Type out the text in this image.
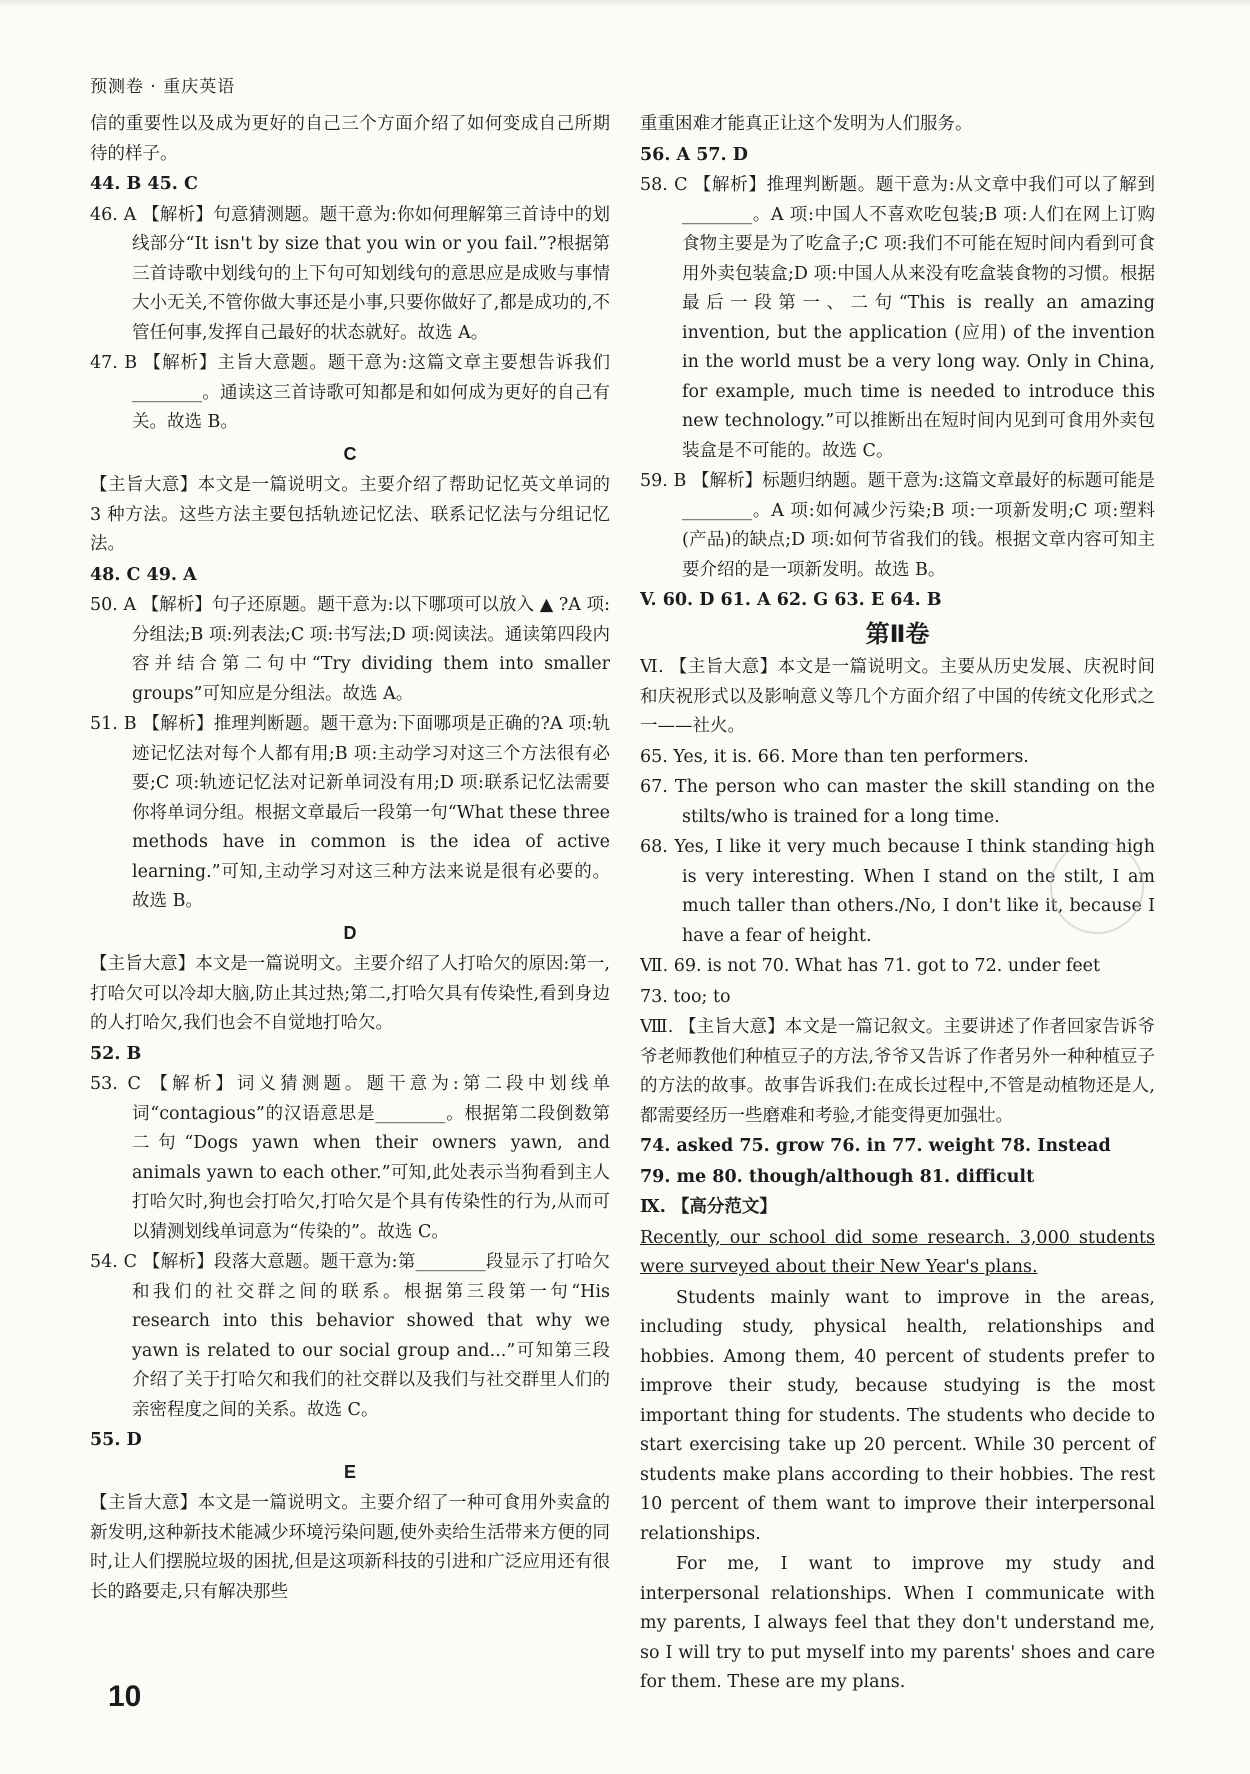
预测卷 · 重庆英语
信的重要性以及成为更好的自己三个方面介绍了如何变成自己所期待的样子。
44. B 45. C
46. A 【解析】句意猜测题。题干意为:你如何理解第三首诗中的划线部分“It isn't by size that you win or you fail.”?根据第三首诗歌中划线句的上下句可知划线句的意思应是成败与事情大小无关,不管你做大事还是小事,只要你做好了,都是成功的,不管任何事,发挥自己最好的状态就好。故选 A。
47. B 【解析】主旨大意题。题干意为:这篇文章主要想告诉我们________。通读这三首诗歌可知都是和如何成为更好的自己有关。故选 B。
C
【主旨大意】本文是一篇说明文。主要介绍了帮助记忆英文单词的 3 种方法。这些方法主要包括轨迹记忆法、联系记忆法与分组记忆法。
48. C 49. A
50. A 【解析】句子还原题。题干意为:以下哪项可以放入 ▲ ?A 项:分组法;B 项:列表法;C 项:书写法;D 项:阅读法。通读第四段内容并结合第二句中“Try dividing them into smaller groups”可知应是分组法。故选 A。
51. B 【解析】推理判断题。题干意为:下面哪项是正确的?A 项:轨迹记忆法对每个人都有用;B 项:主动学习对这三个方法很有必要;C 项:轨迹记忆法对记新单词没有用;D 项:联系记忆法需要你将单词分组。根据文章最后一段第一句“What these three methods have in common is the idea of active learning.”可知,主动学习对这三种方法来说是很有必要的。故选 B。
D
【主旨大意】本文是一篇说明文。主要介绍了人打哈欠的原因:第一,打哈欠可以冷却大脑,防止其过热;第二,打哈欠具有传染性,看到身边的人打哈欠,我们也会不自觉地打哈欠。
52. B
53. C 【解析】词义猜测题。题干意为:第二段中划线单词“contagious”的汉语意思是________。根据第二段倒数第二句“Dogs yawn when their owners yawn, and animals yawn to each other.”可知,此处表示当狗看到主人打哈欠时,狗也会打哈欠,打哈欠是个具有传染性的行为,从而可以猜测划线单词意为“传染的”。故选 C。
54. C 【解析】段落大意题。题干意为:第________段显示了打哈欠和我们的社交群之间的联系。根据第三段第一句“His research into this behavior showed that why we yawn is related to our social group and...”可知第三段介绍了关于打哈欠和我们的社交群以及我们与社交群里人们的亲密程度之间的关系。故选 C。
55. D
E
【主旨大意】本文是一篇说明文。主要介绍了一种可食用外卖盒的新发明,这种新技术能减少环境污染问题,使外卖给生活带来方便的同时,让人们摆脱垃圾的困扰,但是这项新科技的引进和广泛应用还有很长的路要走,只有解决那些
重重困难才能真正让这个发明为人们服务。
56. A 57. D
58. C 【解析】推理判断题。题干意为:从文章中我们可以了解到________。A 项:中国人不喜欢吃包装;B 项:人们在网上订购食物主要是为了吃盒子;C 项:我们不可能在短时间内看到可食用外卖包装盒;D 项:中国人从来没有吃盒装食物的习惯。根据最后一段第一、二句“This is really an amazing invention, but the application (应用) of the invention in the world must be a very long way. Only in China, for example, much time is needed to introduce this new technology.”可以推断出在短时间内见到可食用外卖包装盒是不可能的。故选 C。
59. B 【解析】标题归纳题。题干意为:这篇文章最好的标题可能是________。A 项:如何减少污染;B 项:一项新发明;C 项:塑料(产品)的缺点;D 项:如何节省我们的钱。根据文章内容可知主要介绍的是一项新发明。故选 B。
V. 60. D 61. A 62. G 63. E 64. B
第Ⅱ卷
Ⅵ. 【主旨大意】本文是一篇说明文。主要从历史发展、庆祝时间和庆祝形式以及影响意义等几个方面介绍了中国的传统文化形式之一——社火。
65. Yes, it is. 66. More than ten performers.
67. The person who can master the skill standing on the stilts/who is trained for a long time.
68. Yes, I like it very much because I think standing high is very interesting. When I stand on the stilt, I am much taller than others./No, I don't like it, because I have a fear of height.
Ⅶ. 69. is not 70. What has 71. got to 72. under feet
73. too; to
Ⅷ. 【主旨大意】本文是一篇记叙文。主要讲述了作者回家告诉爷爷老师教他们种植豆子的方法,爷爷又告诉了作者另外一种种植豆子的方法的故事。故事告诉我们:在成长过程中,不管是动植物还是人,都需要经历一些磨难和考验,才能变得更加强壮。
74. asked 75. grow 76. in 77. weight 78. Instead
79. me 80. though/although 81. difficult
Ⅸ. 【高分范文】
Recently, our school did some research. 3,000 students were surveyed about their New Year's plans.
Students mainly want to improve in the areas, including study, physical health, relationships and hobbies. Among them, 40 percent of students prefer to improve their study, because studying is the most important thing for students. The students who decide to start exercising take up 20 percent. While 30 percent of students make plans according to their hobbies. The rest 10 percent of them want to improve their interpersonal relationships.
For me, I want to improve my study and interpersonal relationships. When I communicate with my parents, I always feel that they don't understand me, so I will try to put myself into my parents' shoes and care for them. These are my plans.
10
